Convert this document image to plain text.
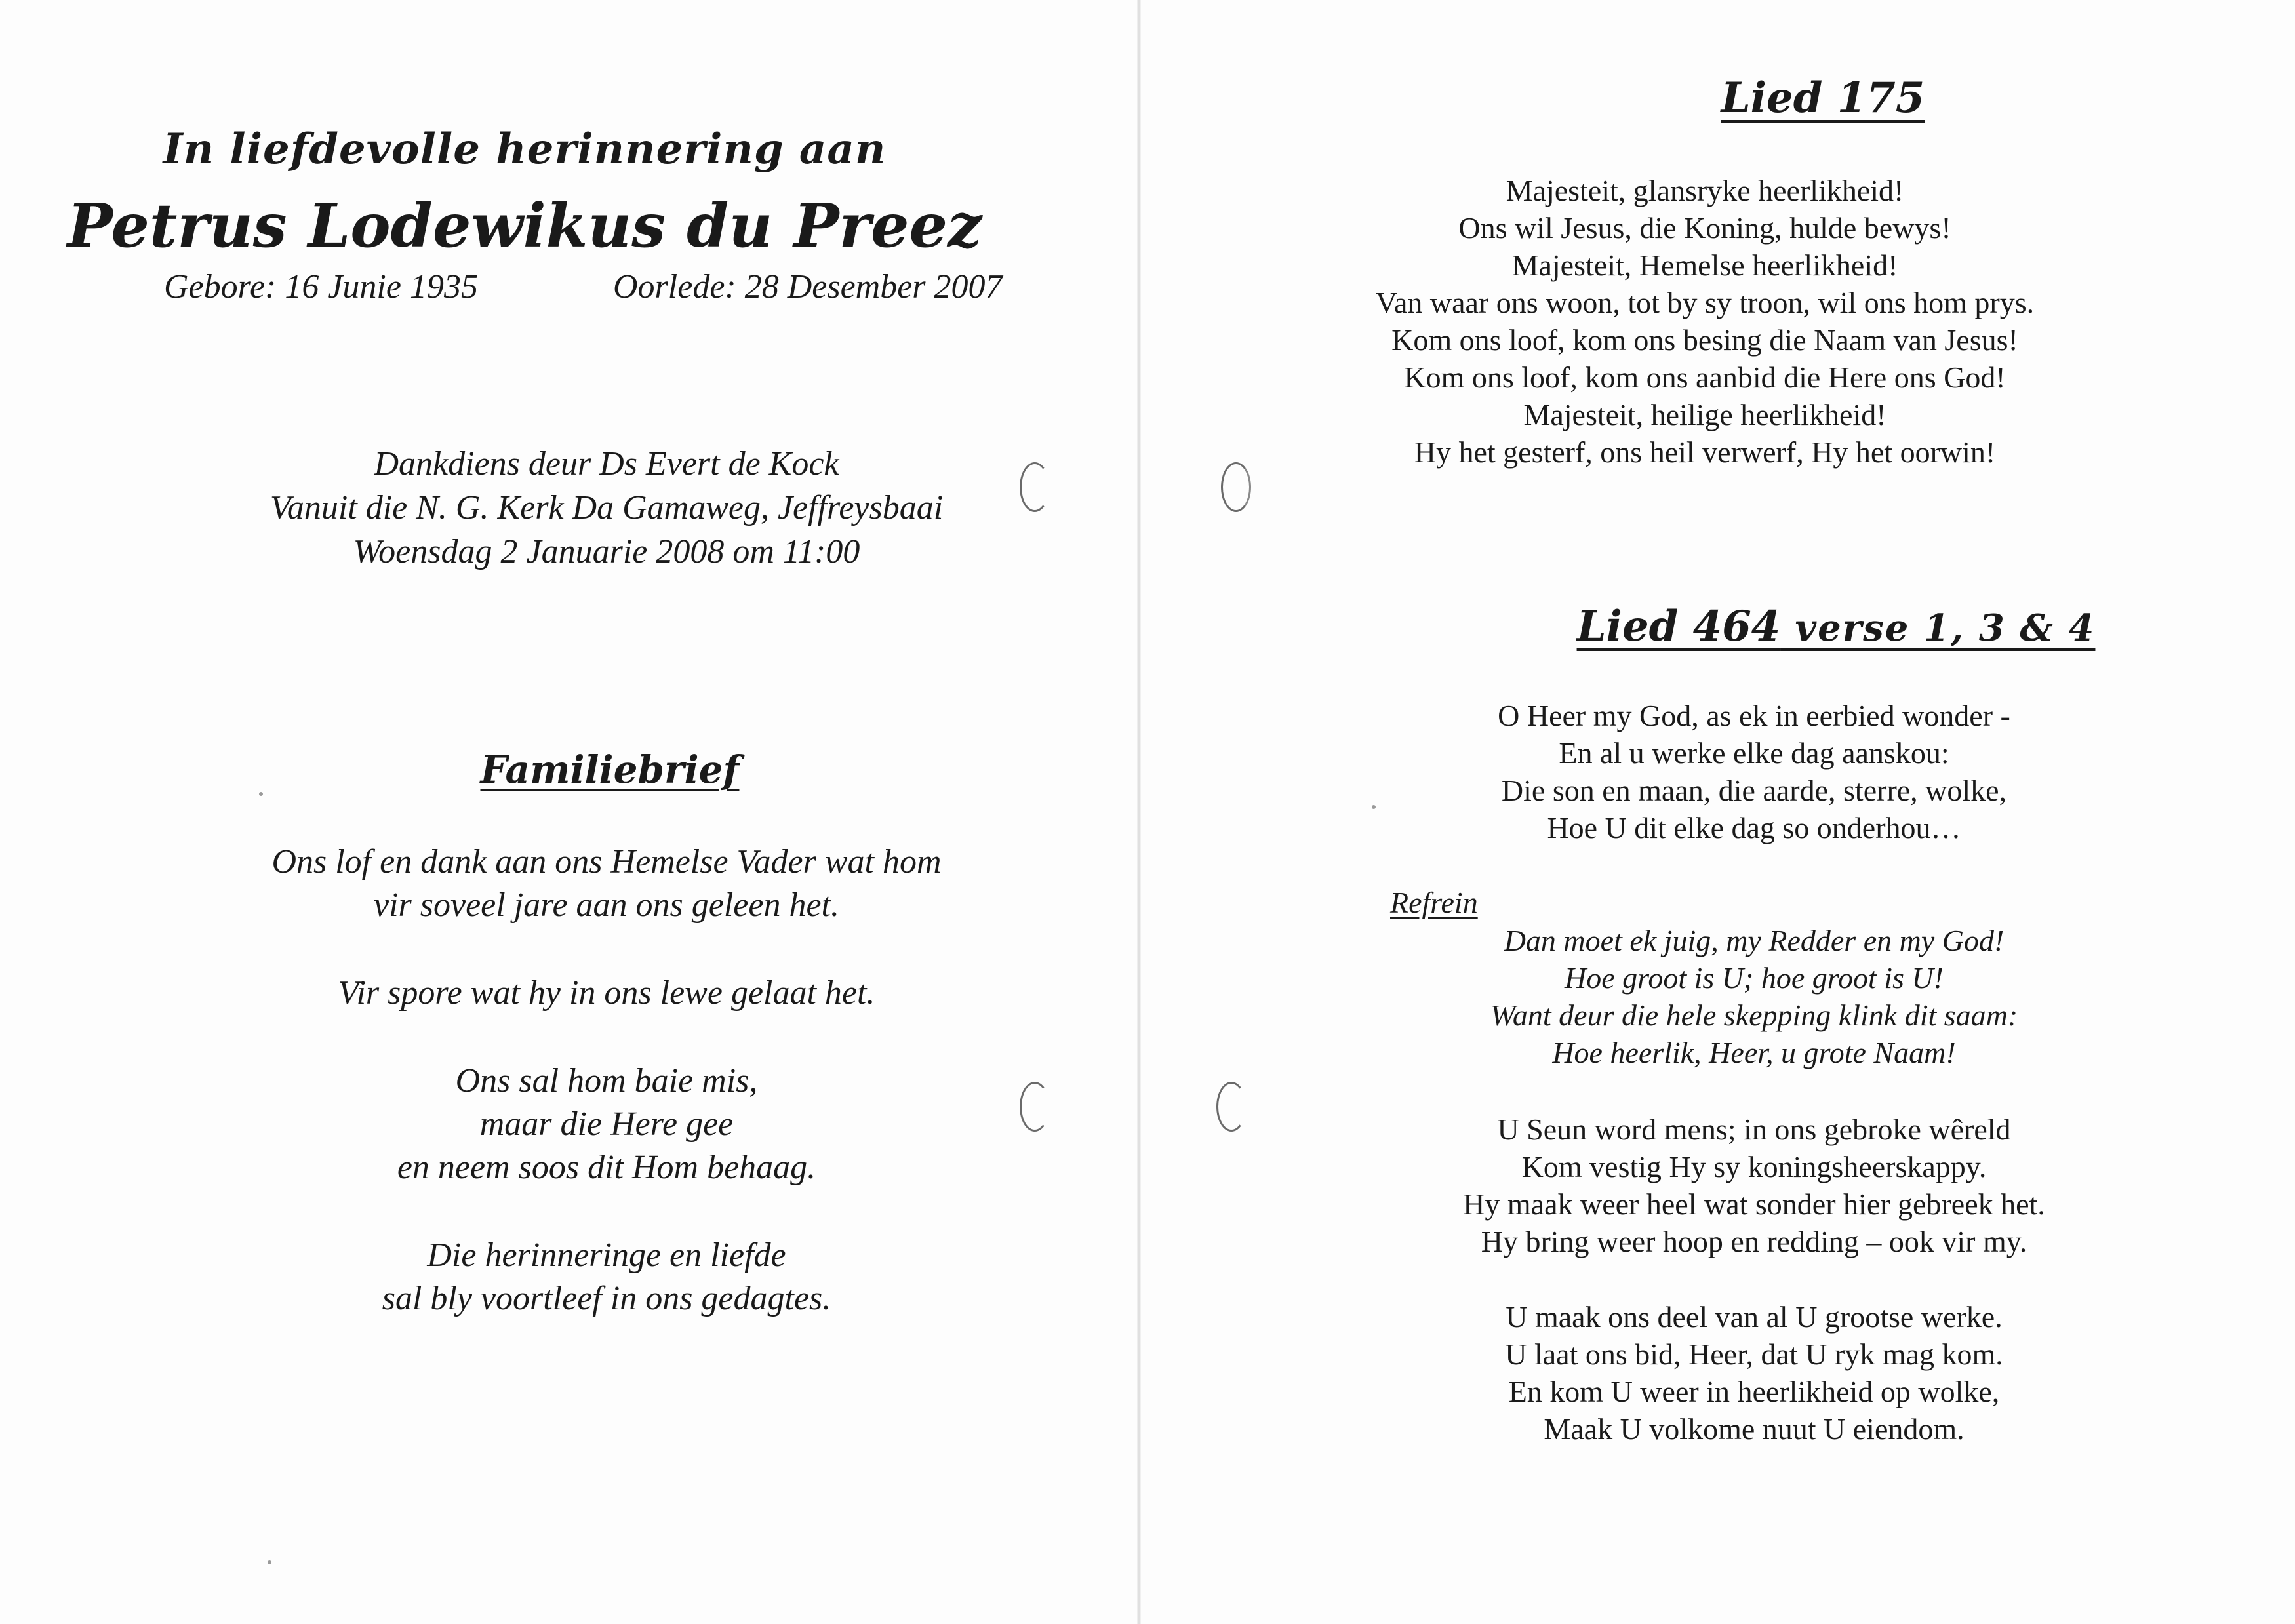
In liefdevolle herinnering aan
Petrus Lodewikus du Preez
Gebore: 16 Junie 1935	Oorlede: 28 Desember 2007
Dankdiens deur Ds Evert de Kock
Vanuit die N. G. Kerk Da Gamaweg, Jeffreysbaai
Woensdag 2 Januarie 2008 om 11:00
Familiebrief
Ons lof en dank aan ons Hemelse Vader wat hom
vir soveel jare aan ons geleen het.
Vir spore wat hy in ons lewe gelaat het.
Ons sal hom baie mis,
maar die Here gee
en neem soos dit Hom behaag.
Die herinneringe en liefde
sal bly voortleef in ons gedagtes.
Lied 175
Majesteit, glansryke heerlikheid!
Ons wil Jesus, die Koning, hulde bewys!
Majesteit, Hemelse heerlikheid!
Van waar ons woon, tot by sy troon, wil ons hom prys.
Kom ons loof, kom ons besing die Naam van Jesus!
Kom ons loof, kom ons aanbid die Here ons God!
Majesteit, heilige heerlikheid!
Hy het gesterf, ons heil verwerf, Hy het oorwin!
Lied 464 verse 1, 3 & 4
O Heer my God, as ek in eerbied wonder -
En al u werke elke dag aanskou:
Die son en maan, die aarde, sterre, wolke,
Hoe U dit elke dag so onderhou…
Refrein
Dan moet ek juig, my Redder en my God!
Hoe groot is U; hoe groot is U!
Want deur die hele skepping klink dit saam:
Hoe heerlik, Heer, u grote Naam!
U Seun word mens; in ons gebroke wêreld
Kom vestig Hy sy koningsheerskappy.
Hy maak weer heel wat sonder hier gebreek het.
Hy bring weer hoop en redding – ook vir my.
U maak ons deel van al U grootse werke.
U laat ons bid, Heer, dat U ryk mag kom.
En kom U weer in heerlikheid op wolke,
Maak U volkome nuut U eiendom.
